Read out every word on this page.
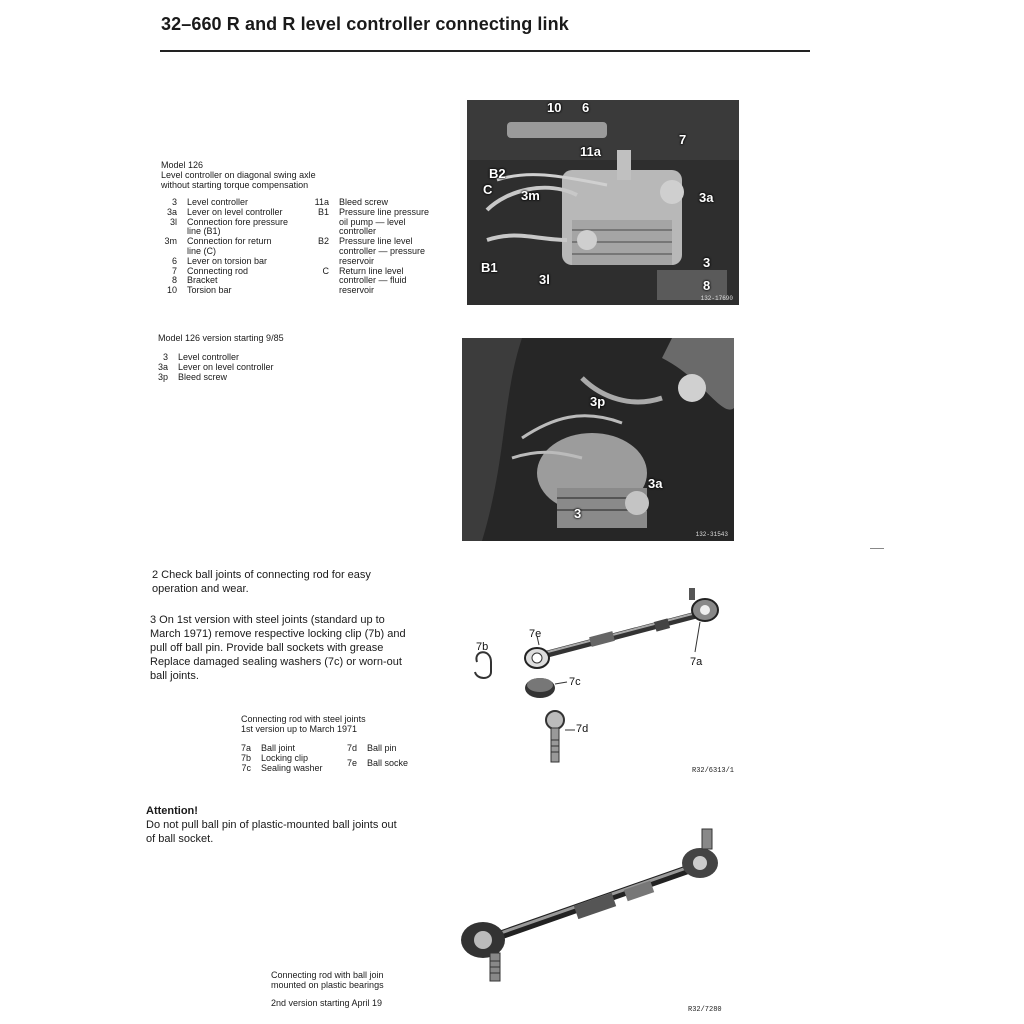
32–660 R and R level controller connecting link
Model 126
Level controller on diagonal swing axle
without starting torque compensation
3	Level controller
3a	Lever on level controller
3l	Connection fore pressure
line (B1)
3m	Connection for return
line (C)
6	Lever on torsion bar
7	Connecting rod
8	Bracket
10	Torsion bar
11a	Bleed screw
B1	Pressure line pressure
oil pump — level
controller
B2	Pressure line level
controller — pressure
reservoir
C	Return line level
controller — fluid
reservoir
10 6
7
11a
B2
C 3m	3a
B1
3l
3
8
132-17690
Model 126 version starting 9/85
3	Level controller
3a	Lever on level controller
3p	Bleed screw
3p
3a
3
132-31543
2 Check ball joints of connecting rod for easy operation and wear.
3 On 1st version with steel joints (standard up to March 1971) remove respective locking clip (7b) and pull off ball pin. Provide ball sockets with grease Replace damaged sealing washers (7c) or worn-out ball joints.
Connecting rod with steel joints
1st version up to March 1971
7a	Ball joint
7b	Locking clip
7c	Sealing washer
7d	Ball pin
7e	Ball socke
7e
7b
7a
7c
7d
R32/6313/1
Attention!
Do not pull ball pin of plastic-mounted ball joints out of ball socket.
Connecting rod with ball join
mounted on plastic bearings
2nd version starting April 19
R32/7280
